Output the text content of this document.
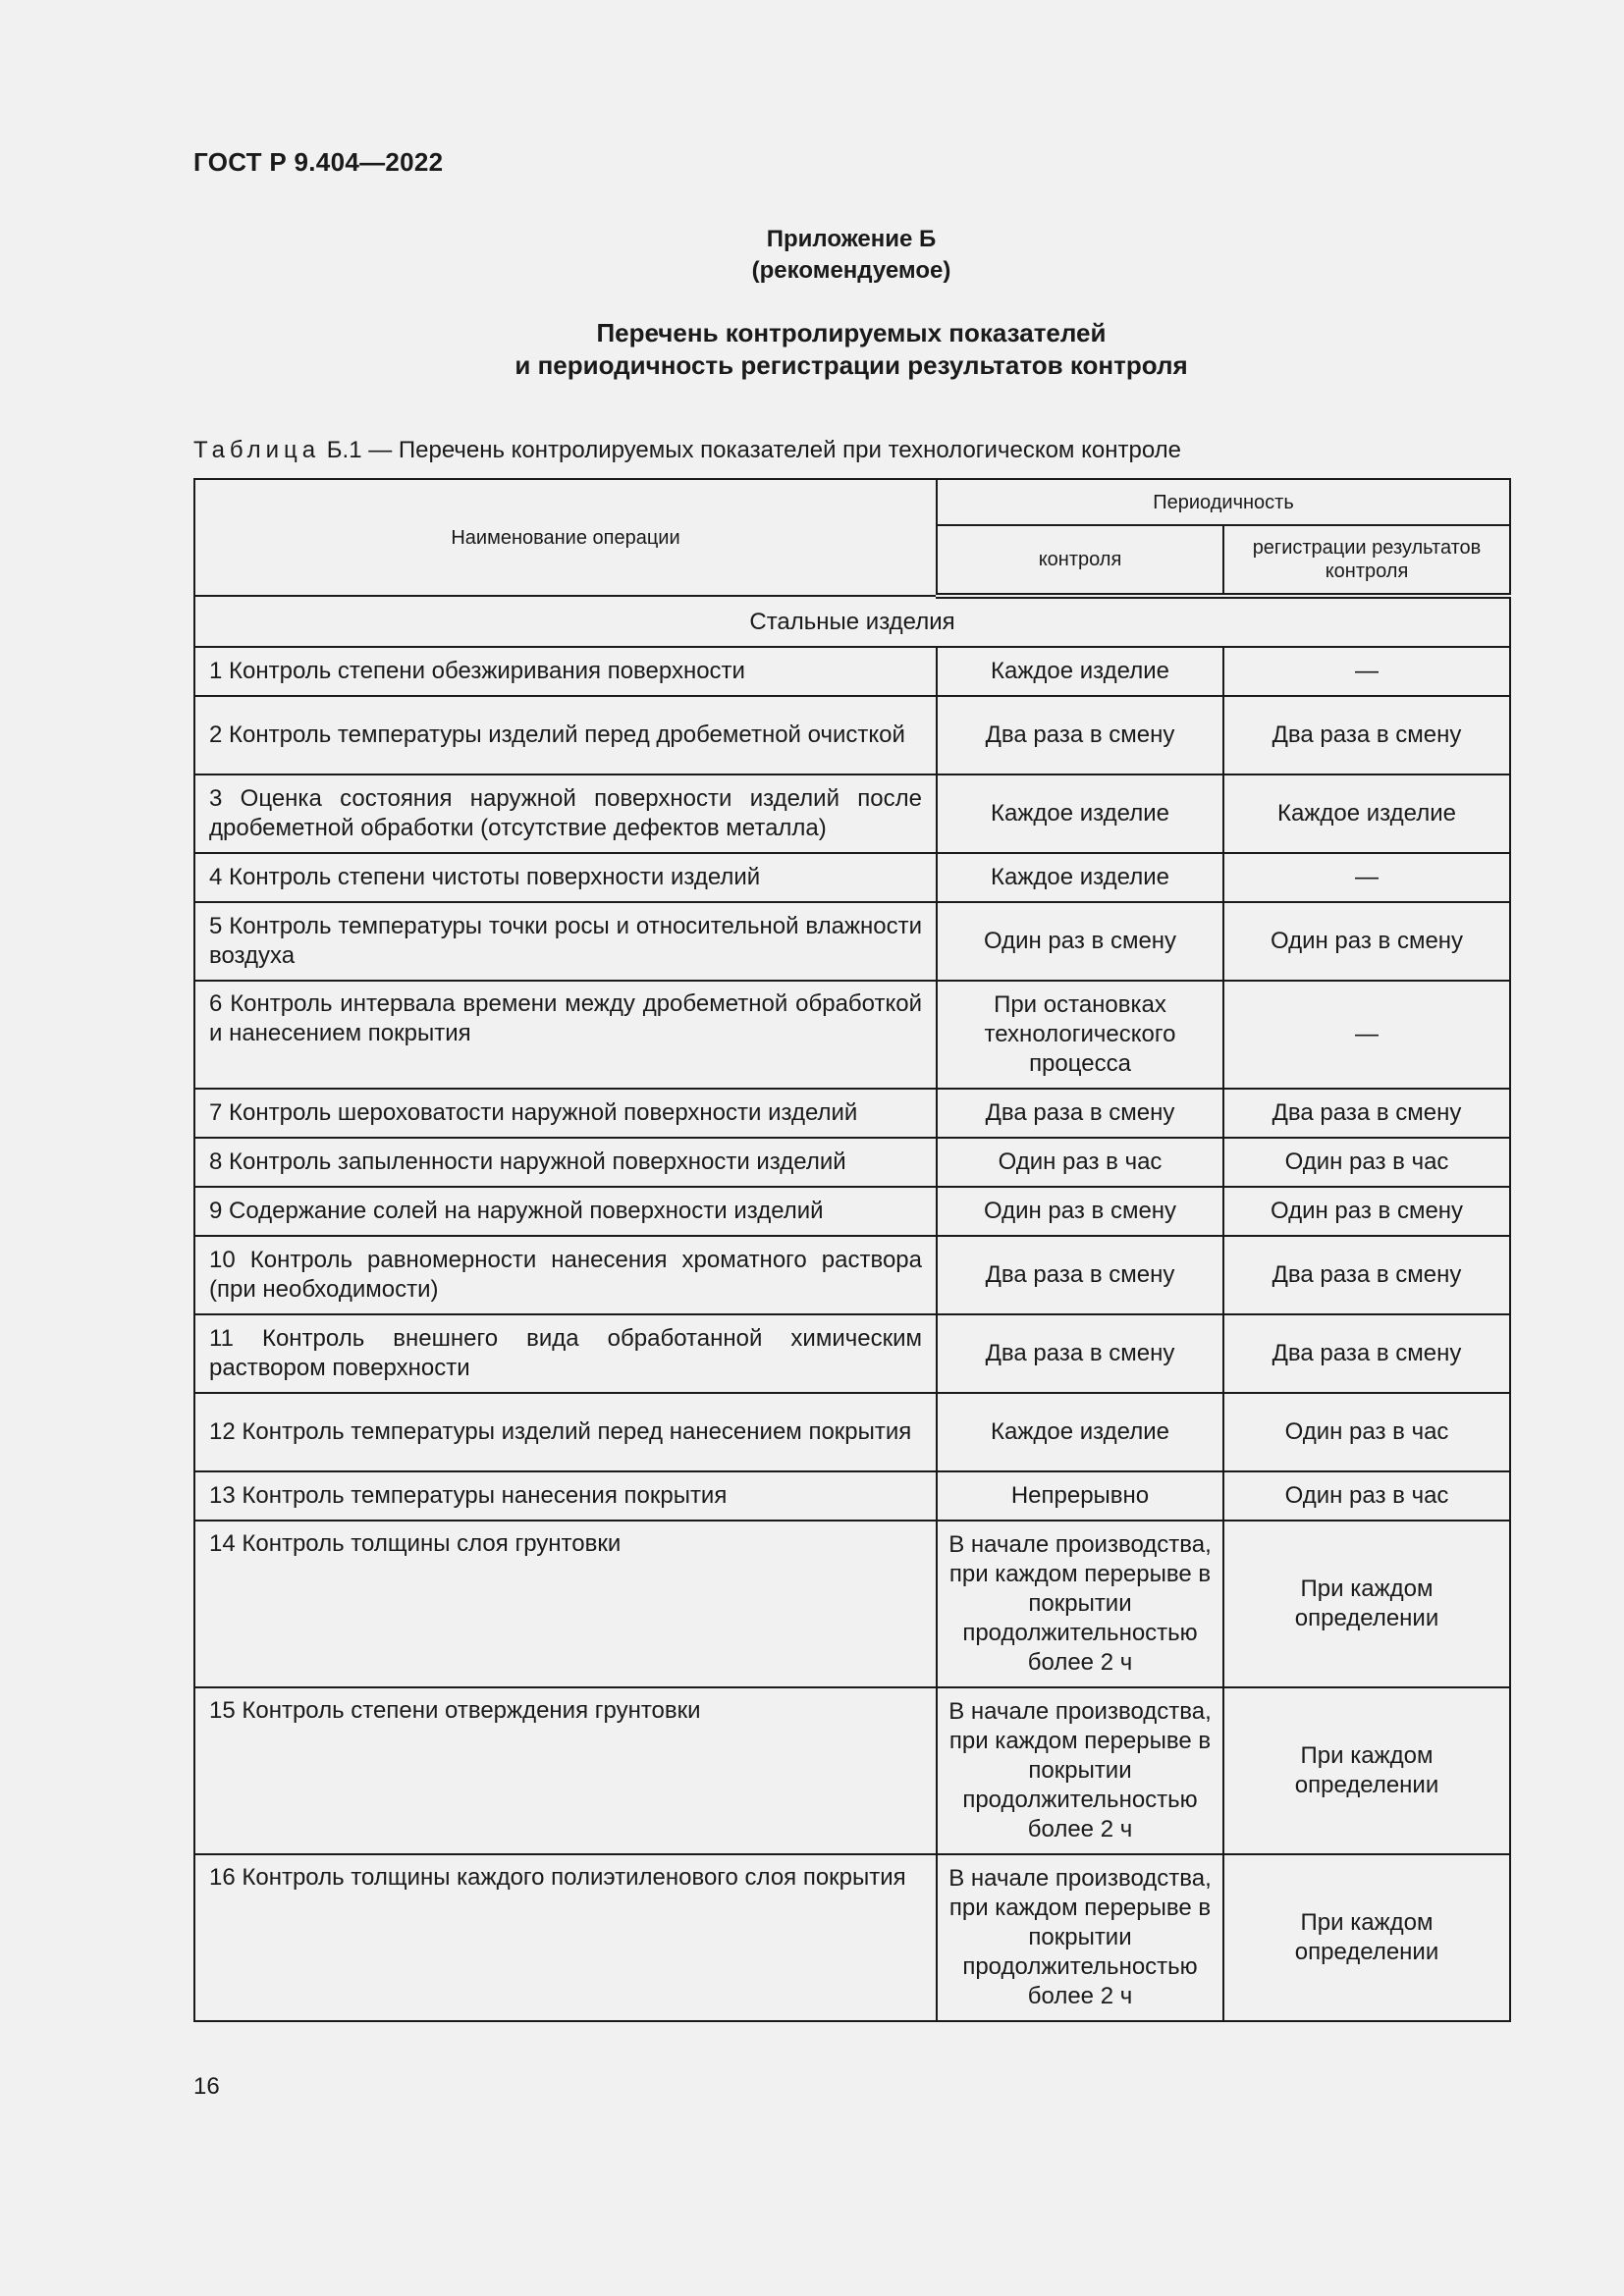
ГОСТ Р 9.404—2022
Приложение Б
(рекомендуемое)
Перечень контролируемых показателей
и периодичность регистрации результатов контроля
Таблица Б.1 — Перечень контролируемых показателей при технологическом контроле
Наименование операции	Периодичность	
	контроля	регистрации результатов контроля
Стальные изделия		
1 Контроль степени обезжиривания поверхности	Каждое изделие	—
2 Контроль температуры изделий перед дробеметной очисткой	Два раза в смену	Два раза в смену
3 Оценка состояния наружной поверхности изделий после дробеметной обработки (отсутствие дефектов металла)	Каждое изделие	Каждое изделие
4 Контроль степени чистоты поверхности изделий	Каждое изделие	—
5 Контроль температуры точки росы и относительной влажности воздуха	Один раз в смену	Один раз в смену
6 Контроль интервала времени между дробеметной обработкой и нанесением покрытия	При остановках технологического процесса	—
7 Контроль шероховатости наружной поверхности изделий	Два раза в смену	Два раза в смену
8 Контроль запыленности наружной поверхности изделий	Один раз в час	Один раз в час
9 Содержание солей на наружной поверхности изделий	Один раз в смену	Один раз в смену
10 Контроль равномерности нанесения хроматного раствора (при необходимости)	Два раза в смену	Два раза в смену
11 Контроль внешнего вида обработанной химическим раствором поверхности	Два раза в смену	Два раза в смену
12 Контроль температуры изделий перед нанесением покрытия	Каждое изделие	Один раз в час
13 Контроль температуры нанесения покрытия	Непрерывно	Один раз в час
14 Контроль толщины слоя грунтовки	В начале производства, при каждом перерыве в покрытии продолжительностью более 2 ч	При каждом определении
15 Контроль степени отверждения грунтовки	В начале производства, при каждом перерыве в покрытии продолжительностью более 2 ч	При каждом определении
16 Контроль толщины каждого полиэтиленового слоя покрытия	В начале производства, при каждом перерыве в покрытии продолжительностью более 2 ч	При каждом определении
16
